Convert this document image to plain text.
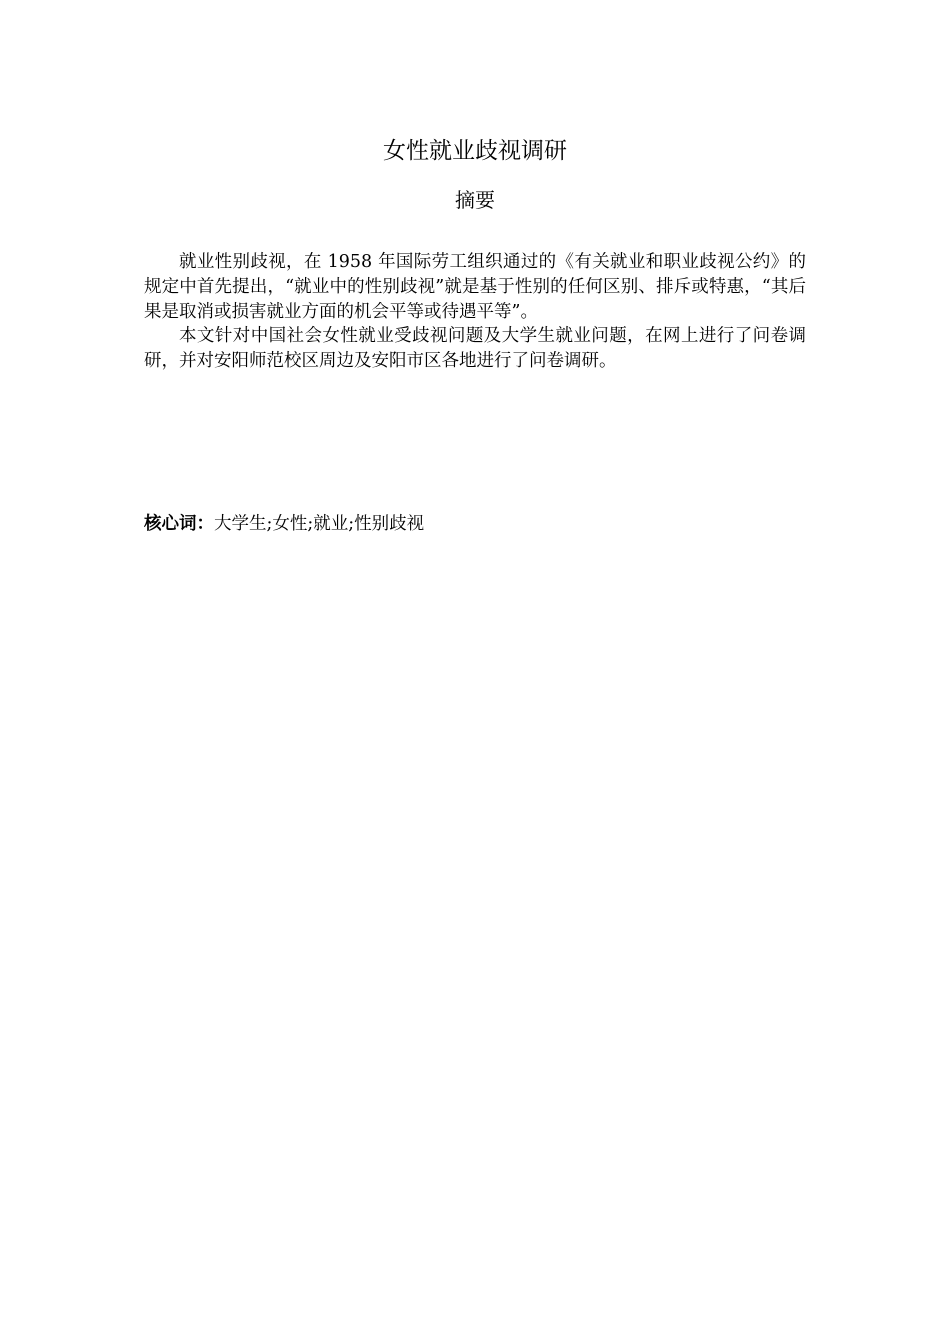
女性就业歧视调研
摘要

就业性别歧视，在 1958 年国际劳工组织通过的《有关就业和职业歧视公约》的规定中首先提出，“就业中的性别歧视”就是基于性别的任何区别、排斥或特惠，“其后果是取消或损害就业方面的机会平等或待遇平等”。

本文针对中国社会女性就业受歧视问题及大学生就业问题，在网上进行了问卷调研，并对安阳师范校区周边及安阳市区各地进行了问卷调研。

核心词：大学生;女性;就业;性别歧视
